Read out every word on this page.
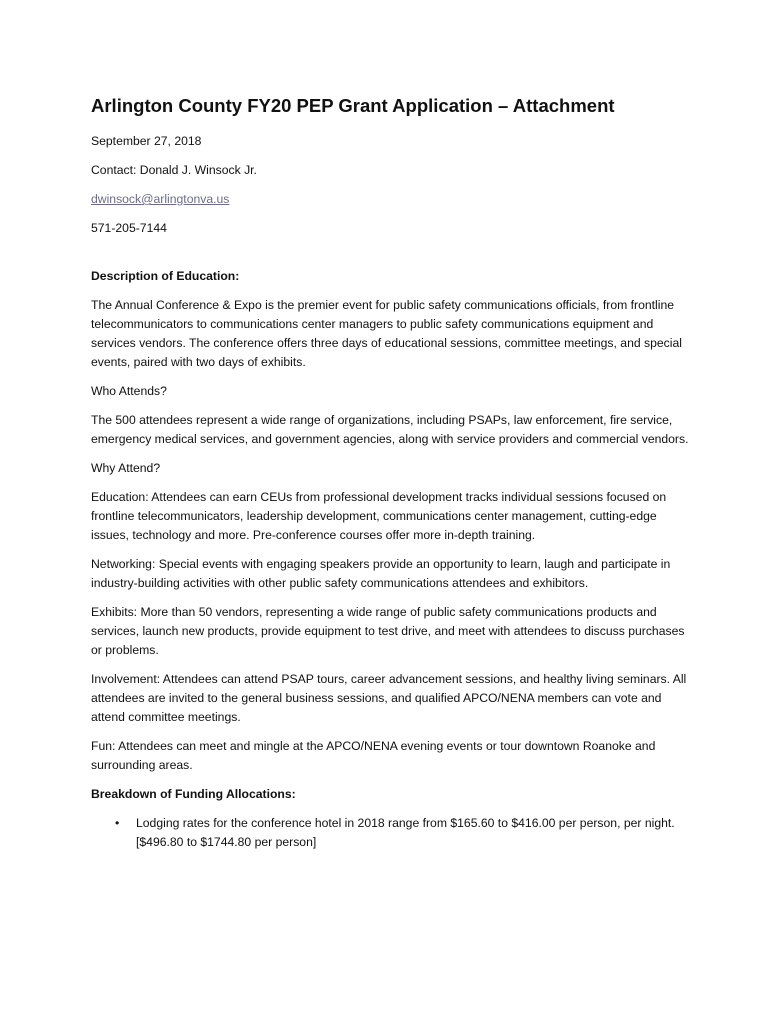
Arlington County FY20 PEP Grant Application – Attachment

September 27, 2018

Contact: Donald J. Winsock Jr.

dwinsock@arlingtonva.us

571-205-7144

Description of Education:

The Annual Conference & Expo is the premier event for public safety communications officials, from frontline telecommunicators to communications center managers to public safety communications equipment and services vendors. The conference offers three days of educational sessions, committee meetings, and special events, paired with two days of exhibits.

Who Attends?

The 500 attendees represent a wide range of organizations, including PSAPs, law enforcement, fire service, emergency medical services, and government agencies, along with service providers and commercial vendors.

Why Attend?

Education: Attendees can earn CEUs from professional development tracks individual sessions focused on frontline telecommunicators, leadership development, communications center management, cutting-edge issues, technology and more. Pre-conference courses offer more in-depth training.

Networking: Special events with engaging speakers provide an opportunity to learn, laugh and participate in industry-building activities with other public safety communications attendees and exhibitors.

Exhibits: More than 50 vendors, representing a wide range of public safety communications products and services, launch new products, provide equipment to test drive, and meet with attendees to discuss purchases or problems.

Involvement: Attendees can attend PSAP tours, career advancement sessions, and healthy living seminars. All attendees are invited to the general business sessions, and qualified APCO/NENA members can vote and attend committee meetings.

Fun: Attendees can meet and mingle at the APCO/NENA evening events or tour downtown Roanoke and surrounding areas.

Breakdown of Funding Allocations:

• Lodging rates for the conference hotel in 2018 range from $165.60 to $416.00 per person, per night. [$496.80 to $1744.80 per person]
